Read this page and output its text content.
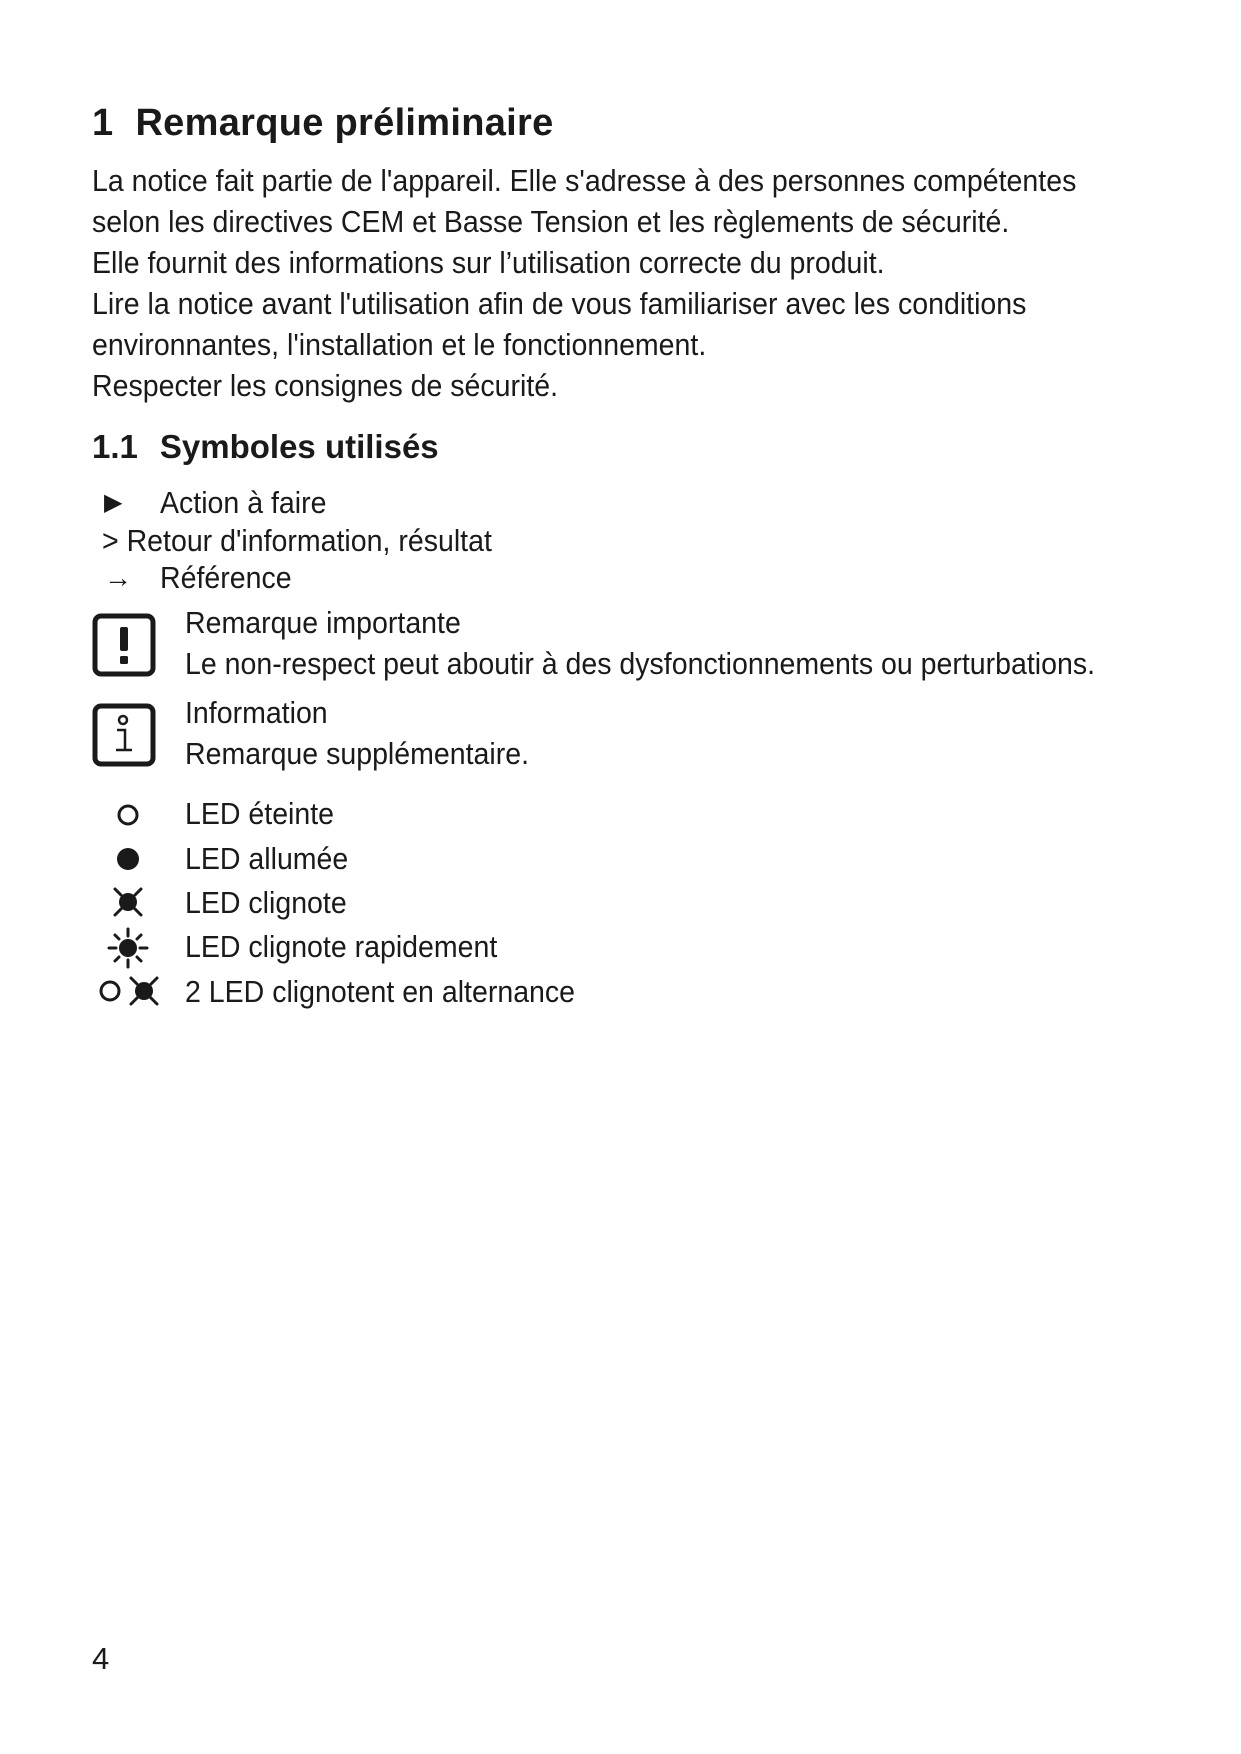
1 Remarque préliminaire
La notice fait partie de l'appareil. Elle s'adresse à des personnes compétentes
selon les directives CEM et Basse Tension et les règlements de sécurité.
Elle fournit des informations sur l’utilisation correcte du produit.
Lire la notice avant l'utilisation afin de vous familiariser avec les conditions
environnantes, l'installation et le fonctionnement.
Respecter les consignes de sécurité.
1.1 Symboles utilisés
▶ Action à faire
> Retour d'information, résultat
→ Référence
Remarque importante
Le non-respect peut aboutir à des dysfonctionnements ou perturbations.
Information
Remarque supplémentaire.
LED éteinte
LED allumée
LED clignote
LED clignote rapidement
2 LED clignotent en alternance
4
